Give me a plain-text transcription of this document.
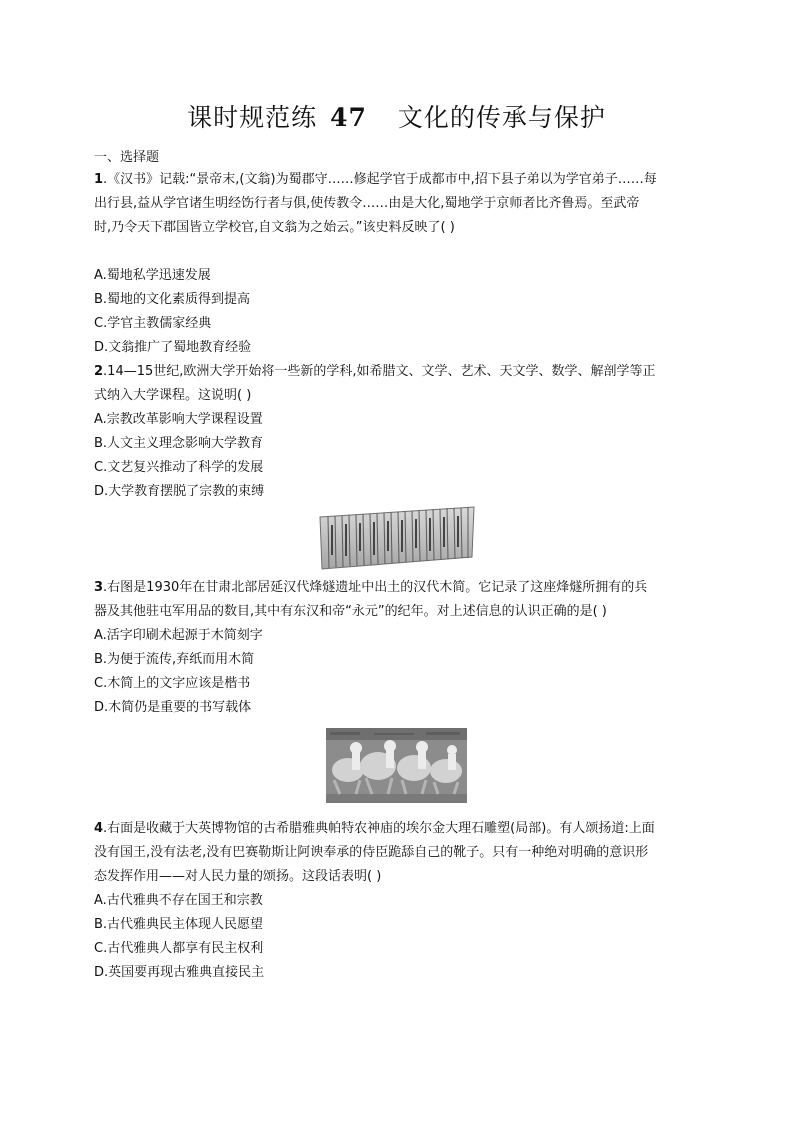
课时规范练 47 文化的传承与保护
一、选择题
1.《汉书》记载:“景帝末,(文翁)为蜀郡守……修起学官于成都市中,招下县子弟以为学官弟子……每
出行县,益从学官诸生明经饬行者与俱,使传教令……由是大化,蜀地学于京师者比齐鲁焉。至武帝
时,乃令天下郡国皆立学校官,自文翁为之始云。”该史料反映了( )
A.蜀地私学迅速发展
B.蜀地的文化素质得到提高
C.学官主教儒家经典
D.文翁推广了蜀地教育经验
2.14—15世纪,欧洲大学开始将一些新的学科,如希腊文、文学、艺术、天文学、数学、解剖学等正
式纳入大学课程。这说明( )
A.宗教改革影响大学课程设置
B.人文主义理念影响大学教育
C.文艺复兴推动了科学的发展
D.大学教育摆脱了宗教的束缚
3.右图是1930年在甘肃北部居延汉代烽燧遗址中出土的汉代木简。它记录了这座烽燧所拥有的兵
器及其他驻屯军用品的数目,其中有东汉和帝“永元”的纪年。对上述信息的认识正确的是( )
A.活字印刷术起源于木简刻字
B.为便于流传,弃纸而用木简
C.木简上的文字应该是楷书
D.木简仍是重要的书写载体
4.右面是收藏于大英博物馆的古希腊雅典帕特农神庙的埃尔金大理石雕塑(局部)。有人颂扬道:上面
没有国王,没有法老,没有巴赛勒斯让阿谀奉承的侍臣跪舔自己的靴子。只有一种绝对明确的意识形
态发挥作用——对人民力量的颂扬。这段话表明( )
A.古代雅典不存在国王和宗教
B.古代雅典民主体现人民愿望
C.古代雅典人都享有民主权利
D.英国要再现古雅典直接民主
